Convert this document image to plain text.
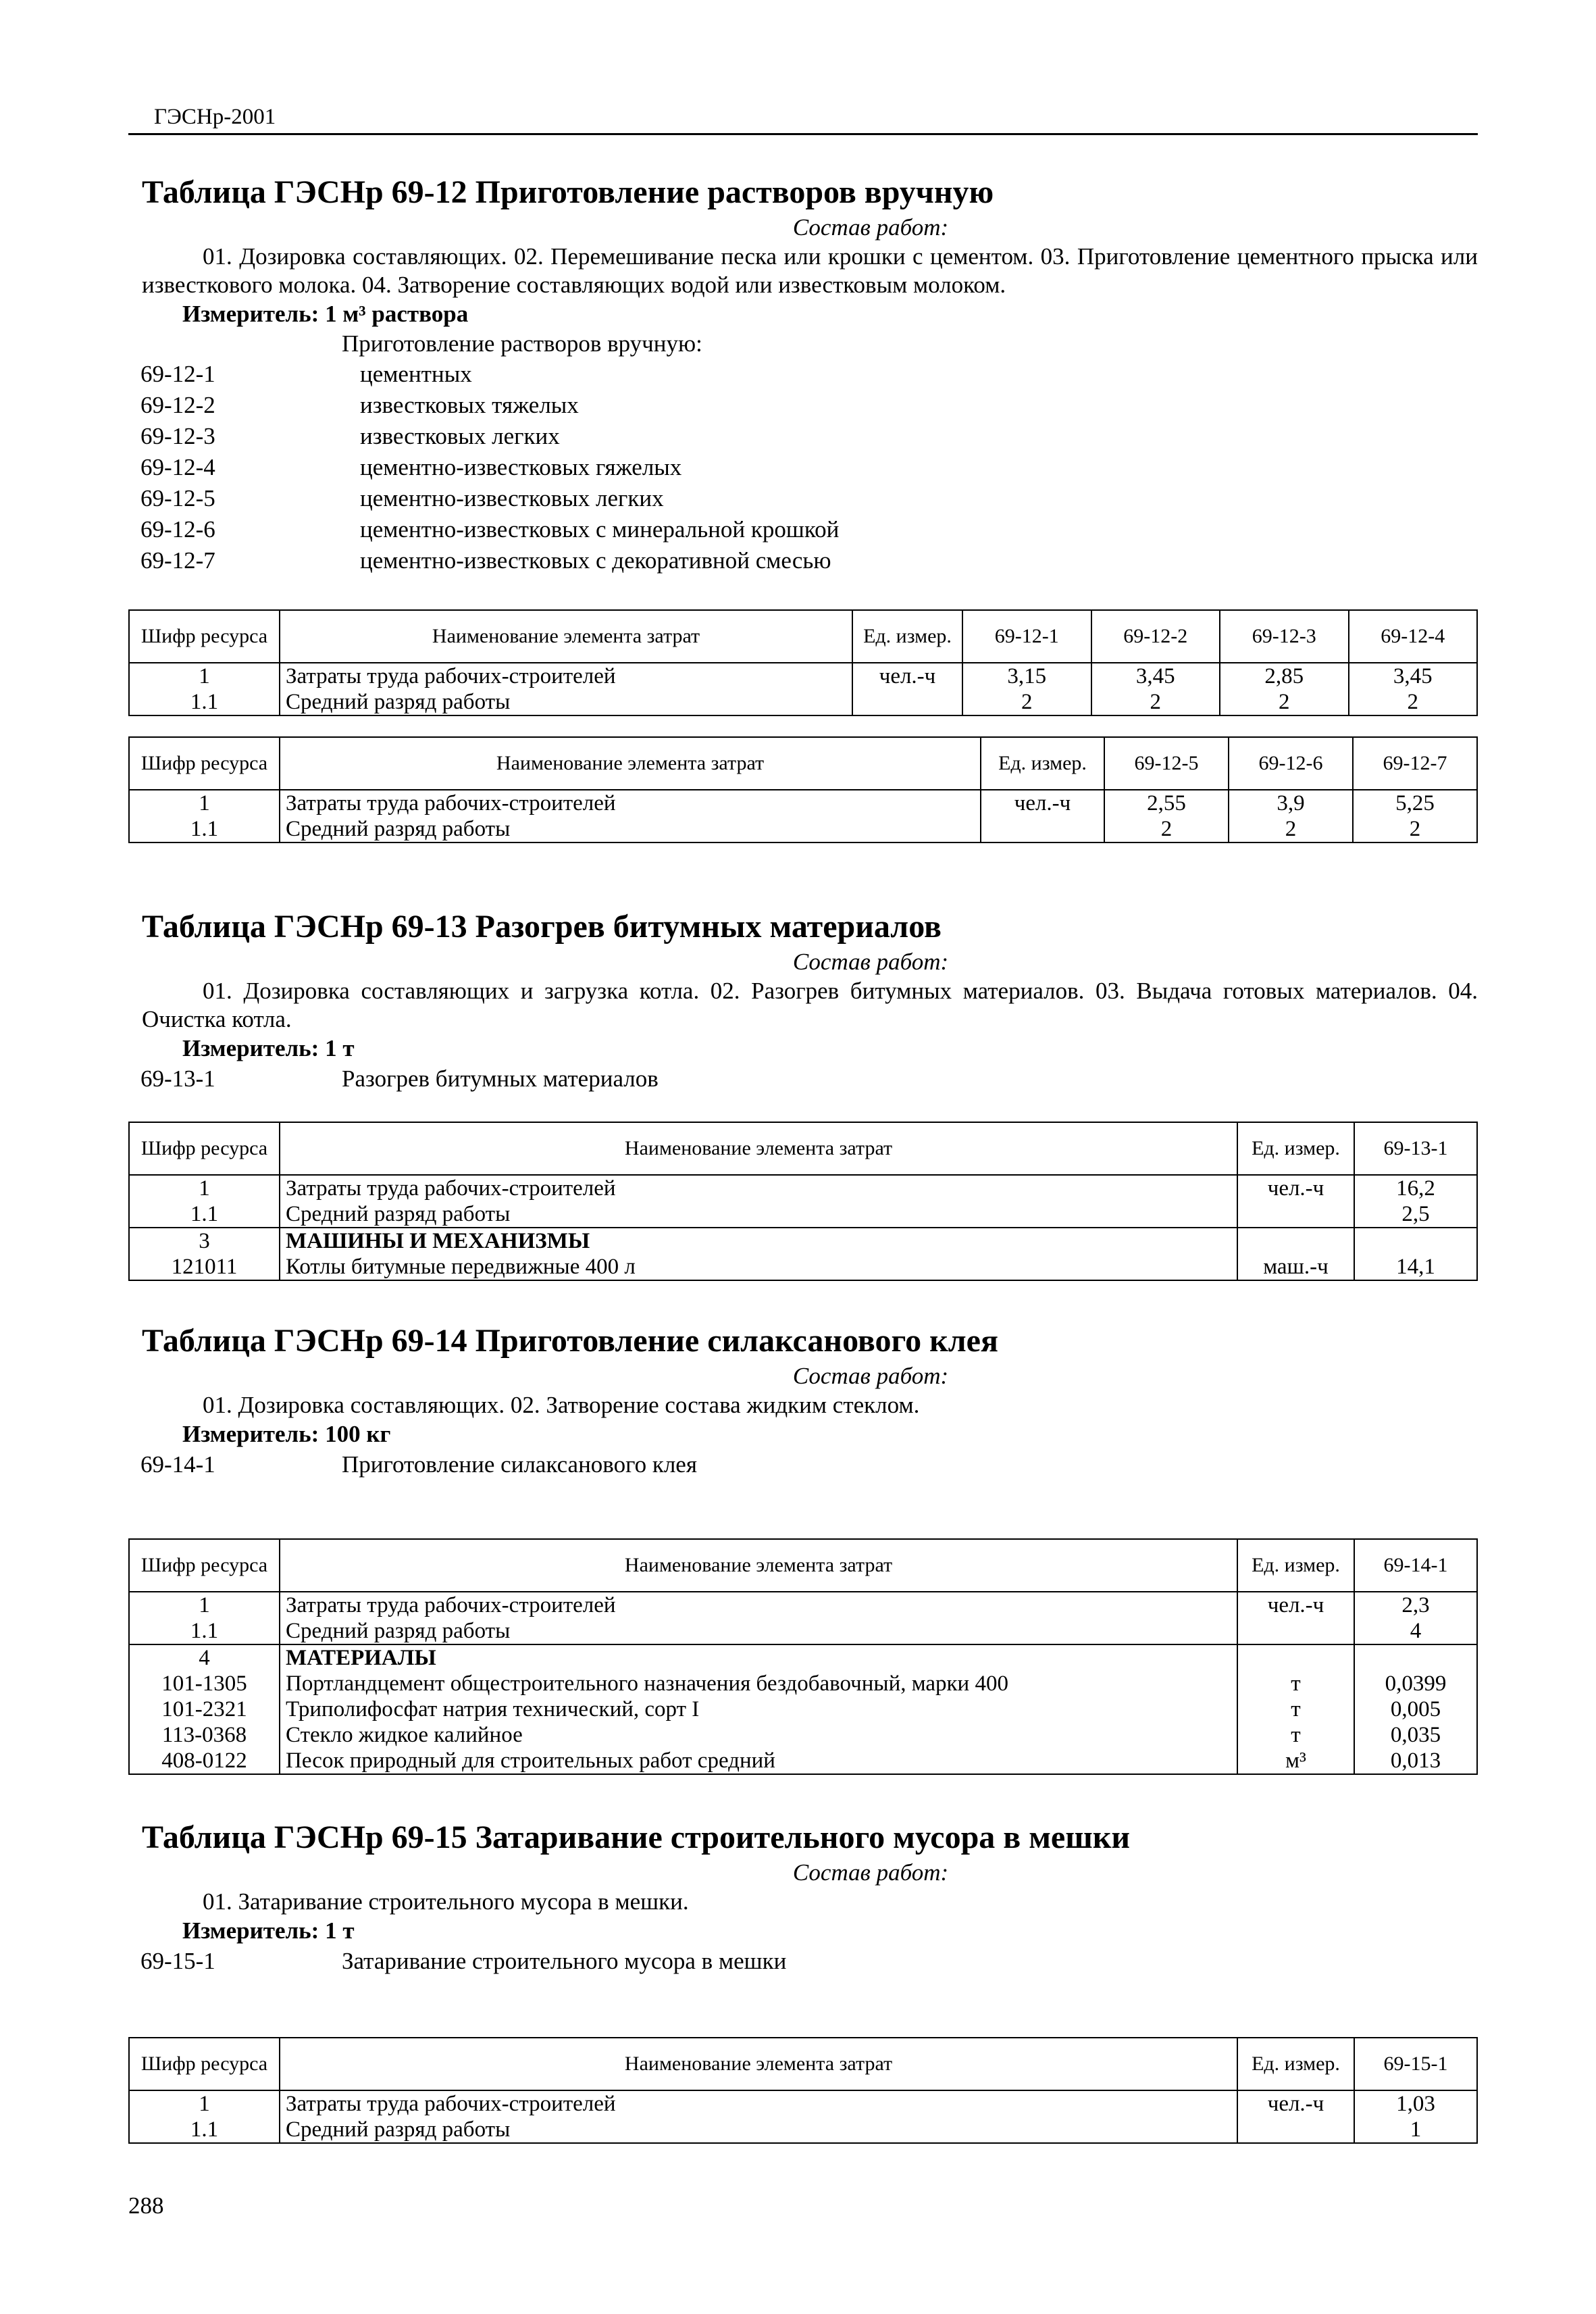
ГЭСНр-2001
Таблица ГЭСНр 69-12 Приготовление растворов вручную
Состав работ:
01. Дозировка составляющих. 02. Перемешивание песка или крошки с цементом. 03. Приготовление цементного прыска или известкового молока. 04. Затворение составляющих водой или известковым молоком.
Измеритель: 1 м³ раствора
Приготовление растворов вручную:
69-12-1	цементных
69-12-2	известковых тяжелых
69-12-3	известковых легких
69-12-4	цементно-известковых гяжелых
69-12-5	цементно-известковых легких
69-12-6	цементно-известковых с минеральной крошкой
69-12-7	цементно-известковых с декоративной смесью
Шифр ресурса	Наименование элемента затрат	Ед. измер.	69-12-1	69-12-2	69-12-3	69-12-4
1	Затраты труда рабочих-строителей	чел.-ч	3,15	3,45	2,85	3,45
1.1	Средний разряд работы		2	2	2	2
Шифр ресурса	Наименование элемента затрат	Ед. измер.	69-12-5	69-12-6	69-12-7
1	Затраты труда рабочих-строителей	чел.-ч	2,55	3,9	5,25
1.1	Средний разряд работы		2	2	2
Таблица ГЭСНр 69-13 Разогрев битумных материалов
Состав работ:
01. Дозировка составляющих и загрузка котла. 02. Разогрев битумных материалов. 03. Выдача готовых материалов. 04. Очистка котла.
Измеритель: 1 т
69-13-1	Разогрев битумных материалов
Шифр ресурса	Наименование элемента затрат	Ед. измер.	69-13-1
1	Затраты труда рабочих-строителей	чел.-ч	16,2
1.1	Средний разряд работы		2,5
3	МАШИНЫ И МЕХАНИЗМЫ		
121011	Котлы битумные передвижные 400 л	маш.-ч	14,1
Таблица ГЭСНр 69-14 Приготовление силаксанового клея
Состав работ:
01. Дозировка составляющих. 02. Затворение состава жидким стеклом.
Измеритель: 100 кг
69-14-1	Приготовление силаксанового клея
Шифр ресурса	Наименование элемента затрат	Ед. измер.	69-14-1
1	Затраты труда рабочих-строителей	чел.-ч	2,3
1.1	Средний разряд работы		4
4	МАТЕРИАЛЫ		
101-1305	Портландцемент общестроительного назначения бездобавочный, марки 400	т	0,0399
101-2321	Триполифосфат натрия технический, сорт I	т	0,005
113-0368	Стекло жидкое калийное	т	0,035
408-0122	Песок природный для строительных работ средний	м³	0,013
Таблица ГЭСНр 69-15 Затаривание строительного мусора в мешки
Состав работ:
01. Затаривание строительного мусора в мешки.
Измеритель: 1 т
69-15-1	Затаривание строительного мусора в мешки
Шифр ресурса	Наименование элемента затрат	Ед. измер.	69-15-1
1	Затраты труда рабочих-строителей	чел.-ч	1,03
1.1	Средний разряд работы		1
288
